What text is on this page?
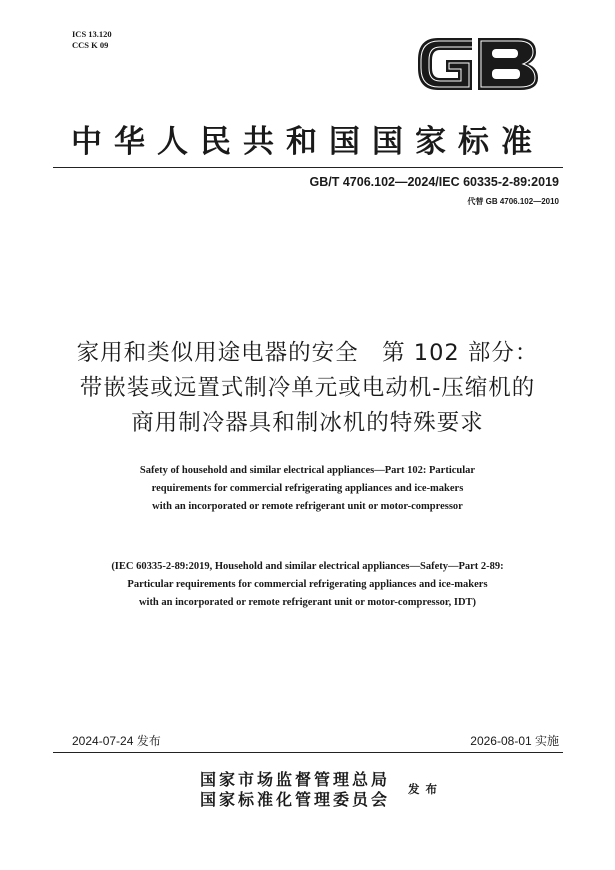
ICS 13.120
CCS K 09
中华人民共和国国家标准
GB/T 4706.102—2024/IEC 60335-2-89:2019
代替 GB 4706.102—2010
家用和类似用途电器的安全　第 102 部分：
带嵌装或远置式制冷单元或电动机-压缩机的
商用制冷器具和制冰机的特殊要求
Safety of household and similar electrical appliances—Part 102: Particular
requirements for commercial refrigerating appliances and ice-makers
with an incorporated or remote refrigerant unit or motor-compressor
(IEC 60335-2-89:2019, Household and similar electrical appliances—Safety—Part 2-89:
Particular requirements for commercial refrigerating appliances and ice-makers
with an incorporated or remote refrigerant unit or motor-compressor, IDT)
2024-07-24 发布	2026-08-01 实施
国家市场监督管理总局
国家标准化管理委员会
发布
